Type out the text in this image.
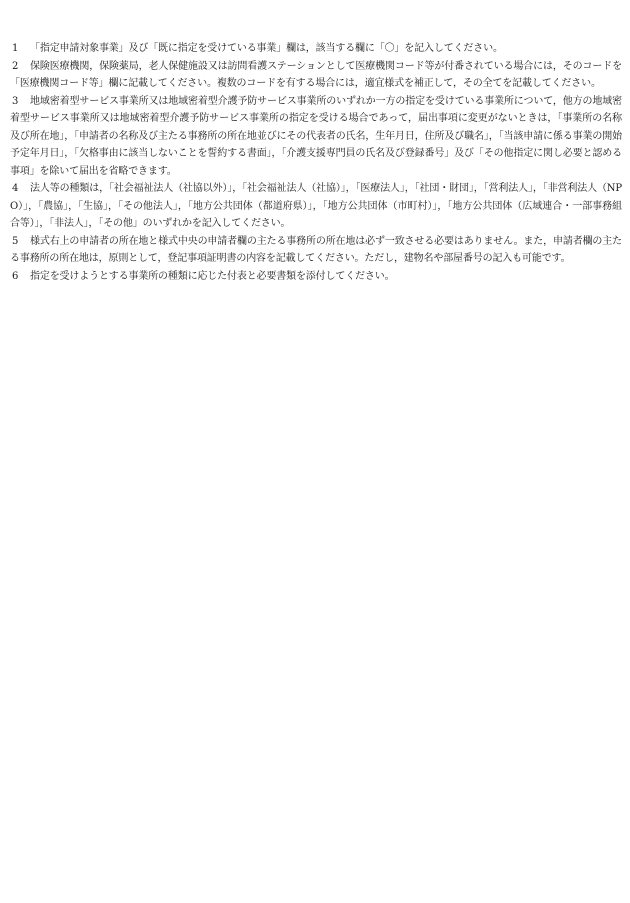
1 「指定申請対象事業」及び「既に指定を受けている事業」欄は，該当する欄に「〇」を記入してください。

2 保険医療機関，保険薬局，老人保健施設又は訪問看護ステーションとして医療機関コード等が付番されている場合には，そのコードを「医療機関コード等」欄に記載してください。複数のコードを有する場合には，適宜様式を補正して，その全てを記載してください。

3 地域密着型サービス事業所又は地域密着型介護予防サービス事業所のいずれか一方の指定を受けている事業所について，他方の地域密着型サービス事業所又は地域密着型介護予防サービス事業所の指定を受ける場合であって，届出事項に変更がないときは，「事業所の名称及び所在地」，「申請者の名称及び主たる事務所の所在地並びにその代表者の氏名，生年月日，住所及び職名」，「当該申請に係る事業の開始予定年月日」，「欠格事由に該当しないことを誓約する書面」，「介護支援専門員の氏名及び登録番号」及び「その他指定に関し必要と認める事項」を除いて届出を省略できます。

4 法人等の種類は，「社会福祉法人（社協以外）」，「社会福祉法人（社協）」，「医療法人」，「社団・財団」，「営利法人」，「非営利法人（NPO）」，「農協」，「生協」，「その他法人」，「地方公共団体（都道府県）」，「地方公共団体（市町村）」，「地方公共団体（広域連合・一部事務組合等）」，「非法人」，「その他」のいずれかを記入してください。

5 様式右上の申請者の所在地と様式中央の申請者欄の主たる事務所の所在地は必ず一致させる必要はありません。また，申請者欄の主たる事務所の所在地は，原則として，登記事項証明書の内容を記載してください。ただし，建物名や部屋番号の記入も可能です。

6 指定を受けようとする事業所の種類に応じた付表と必要書類を添付してください。
